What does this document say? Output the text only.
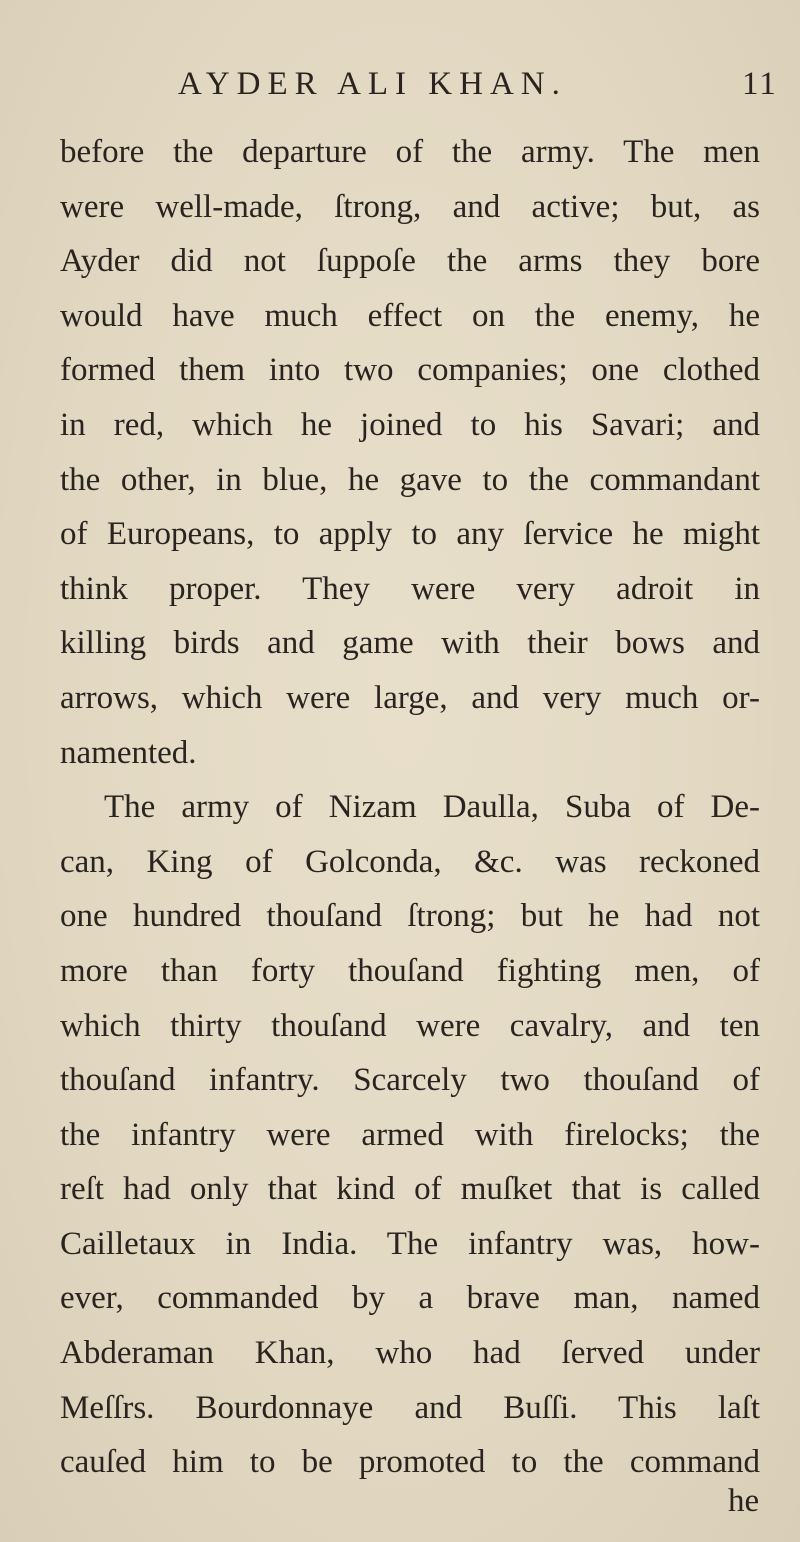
AYDER ALI KHAN.	11
before the departure of the army. The men
were well-made, ſtrong, and active; but, as
Ayder did not ſuppoſe the arms they bore
would have much effect on the enemy, he
formed them into two companies; one clothed
in red, which he joined to his Savari; and
the other, in blue, he gave to the commandant
of Europeans, to apply to any ſervice he might
think proper. They were very adroit in
killing birds and game with their bows and
arrows, which were large, and very much or-
namented.
The army of Nizam Daulla, Suba of De-
can, King of Golconda, &c. was reckoned
one hundred thouſand ſtrong; but he had not
more than forty thouſand fighting men, of
which thirty thouſand were cavalry, and ten
thouſand infantry. Scarcely two thouſand of
the infantry were armed with firelocks; the
reſt had only that kind of muſket that is called
Cailletaux in India. The infantry was, how-
ever, commanded by a brave man, named
Abderaman Khan, who had ſerved under
Meſſrs. Bourdonnaye and Buſſi. This laſt
cauſed him to be promoted to the command
he
